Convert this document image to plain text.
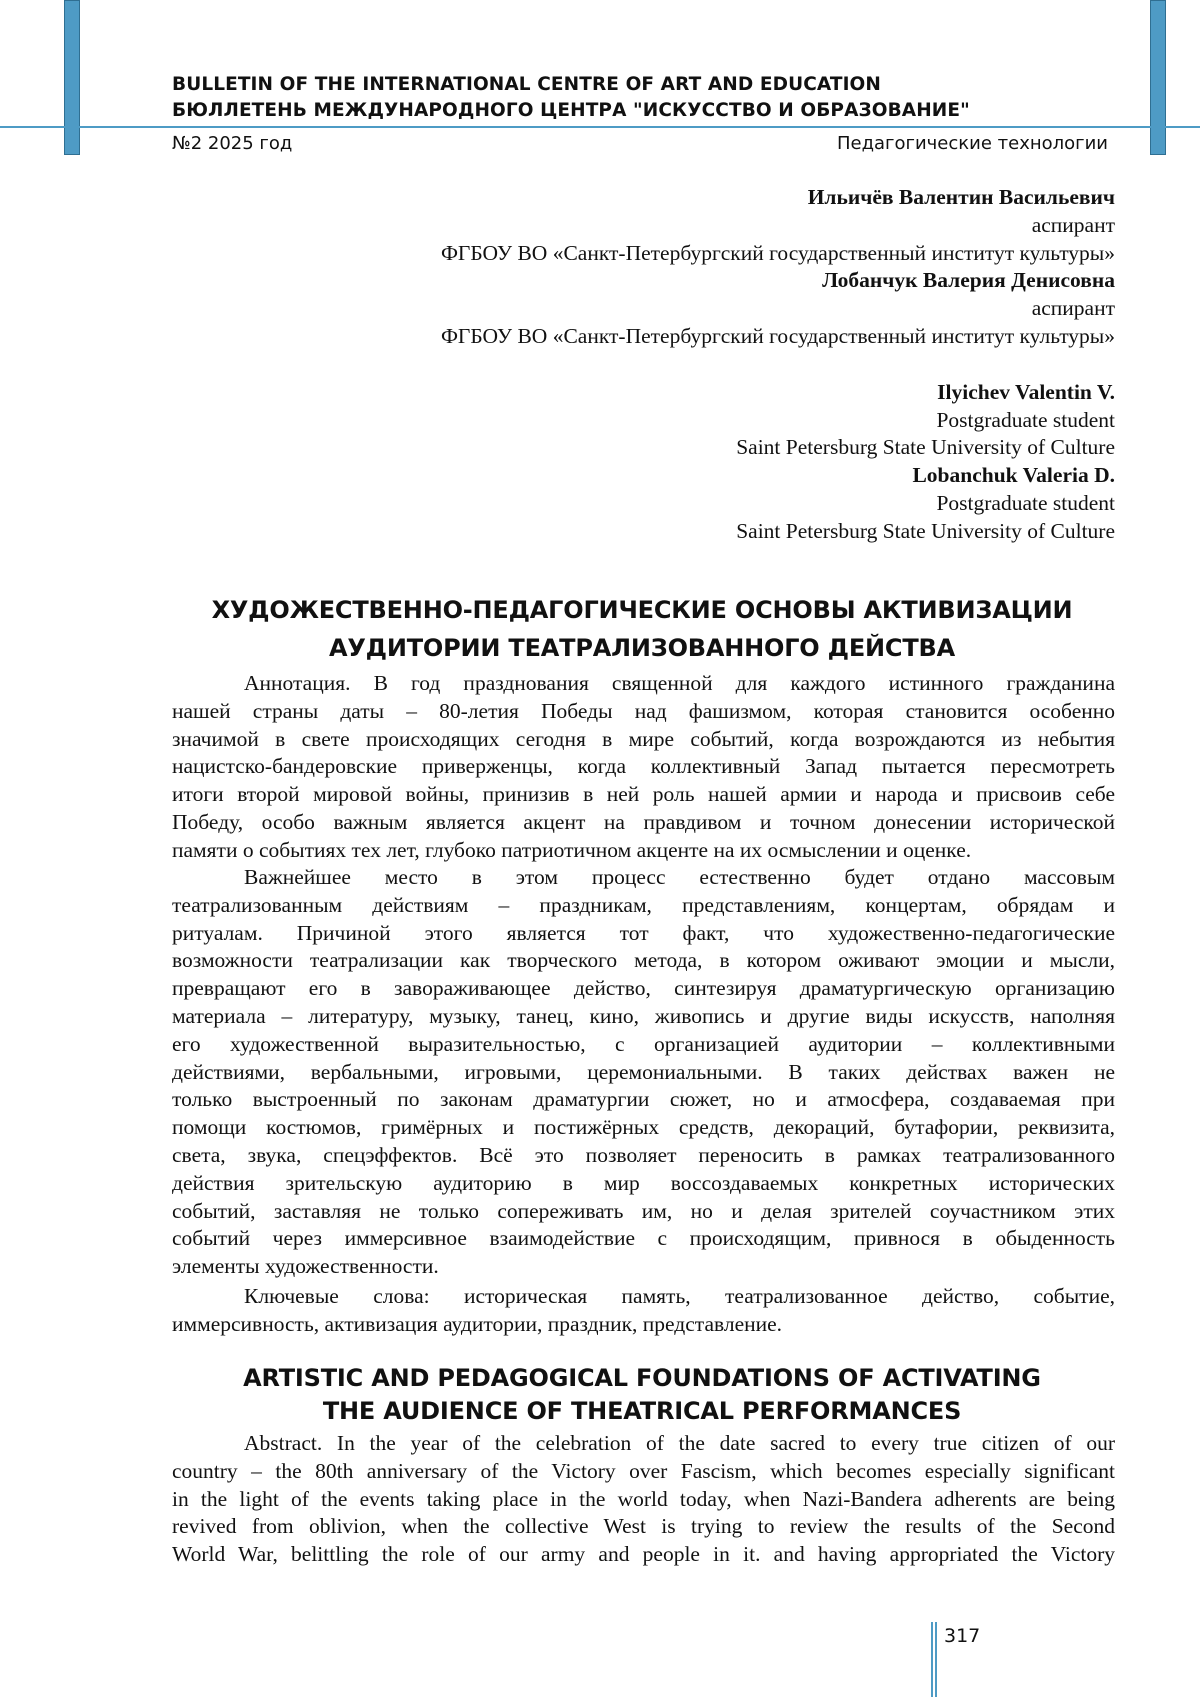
BULLETIN OF THE INTERNATIONAL CENTRE OF ART AND EDUCATION
БЮЛЛЕТЕНЬ МЕЖДУНАРОДНОГО ЦЕНТРА "ИСКУССТВО И ОБРАЗОВАНИЕ"
№2 2025 год	Педагогические технологии
Ильичёв Валентин Васильевич
аспирант
ФГБОУ ВО «Санкт-Петербургский государственный институт культуры»
Лобанчук Валерия Денисовна
аспирант
ФГБОУ ВО «Санкт-Петербургский государственный институт культуры»
Ilyichev Valentin V.
Postgraduate student
Saint Petersburg State University of Culture
Lobanchuk Valeria D.
Postgraduate student
Saint Petersburg State University of Culture
ХУДОЖЕСТВЕННО-ПЕДАГОГИЧЕСКИЕ ОСНОВЫ АКТИВИЗАЦИИ
АУДИТОРИИ ТЕАТРАЛИЗОВАННОГО ДЕЙСТВА
Аннотация. В год празднования священной для каждого истинного гражданина
нашей страны даты – 80-летия Победы над фашизмом, которая становится особенно
значимой в свете происходящих сегодня в мире событий, когда возрождаются из небытия
нацистско-бандеровские приверженцы, когда коллективный Запад пытается пересмотреть
итоги второй мировой войны, принизив в ней роль нашей армии и народа и присвоив себе
Победу, особо важным является акцент на правдивом и точном донесении исторической
памяти о событиях тех лет, глубоко патриотичном акценте на их осмыслении и оценке.
Важнейшее место в этом процесс естественно будет отдано массовым
театрализованным действиям – праздникам, представлениям, концертам, обрядам и
ритуалам. Причиной этого является тот факт, что художественно-педагогические
возможности театрализации как творческого метода, в котором оживают эмоции и мысли,
превращают его в завораживающее действо, синтезируя драматургическую организацию
материала – литературу, музыку, танец, кино, живопись и другие виды искусств, наполняя
его художественной выразительностью, с организацией аудитории – коллективными
действиями, вербальными, игровыми, церемониальными. В таких действах важен не
только выстроенный по законам драматургии сюжет, но и атмосфера, создаваемая при
помощи костюмов, гримёрных и постижёрных средств, декораций, бутафории, реквизита,
света, звука, спецэффектов. Всё это позволяет переносить в рамках театрализованного
действия зрительскую аудиторию в мир воссоздаваемых конкретных исторических
событий, заставляя не только сопереживать им, но и делая зрителей соучастником этих
событий через иммерсивное взаимодействие с происходящим, привнося в обыденность
элементы художественности.
Ключевые слова: историческая память, театрализованное действо, событие,
иммерсивность, активизация аудитории, праздник, представление.
ARTISTIC AND PEDAGOGICAL FOUNDATIONS OF ACTIVATING
THE AUDIENCE OF THEATRICAL PERFORMANCES
Abstract. In the year of the celebration of the date sacred to every true citizen of our
country – the 80th anniversary of the Victory over Fascism, which becomes especially significant
in the light of the events taking place in the world today, when Nazi-Bandera adherents are being
revived from oblivion, when the collective West is trying to review the results of the Second
World War, belittling the role of our army and people in it. and having appropriated the Victory
317
